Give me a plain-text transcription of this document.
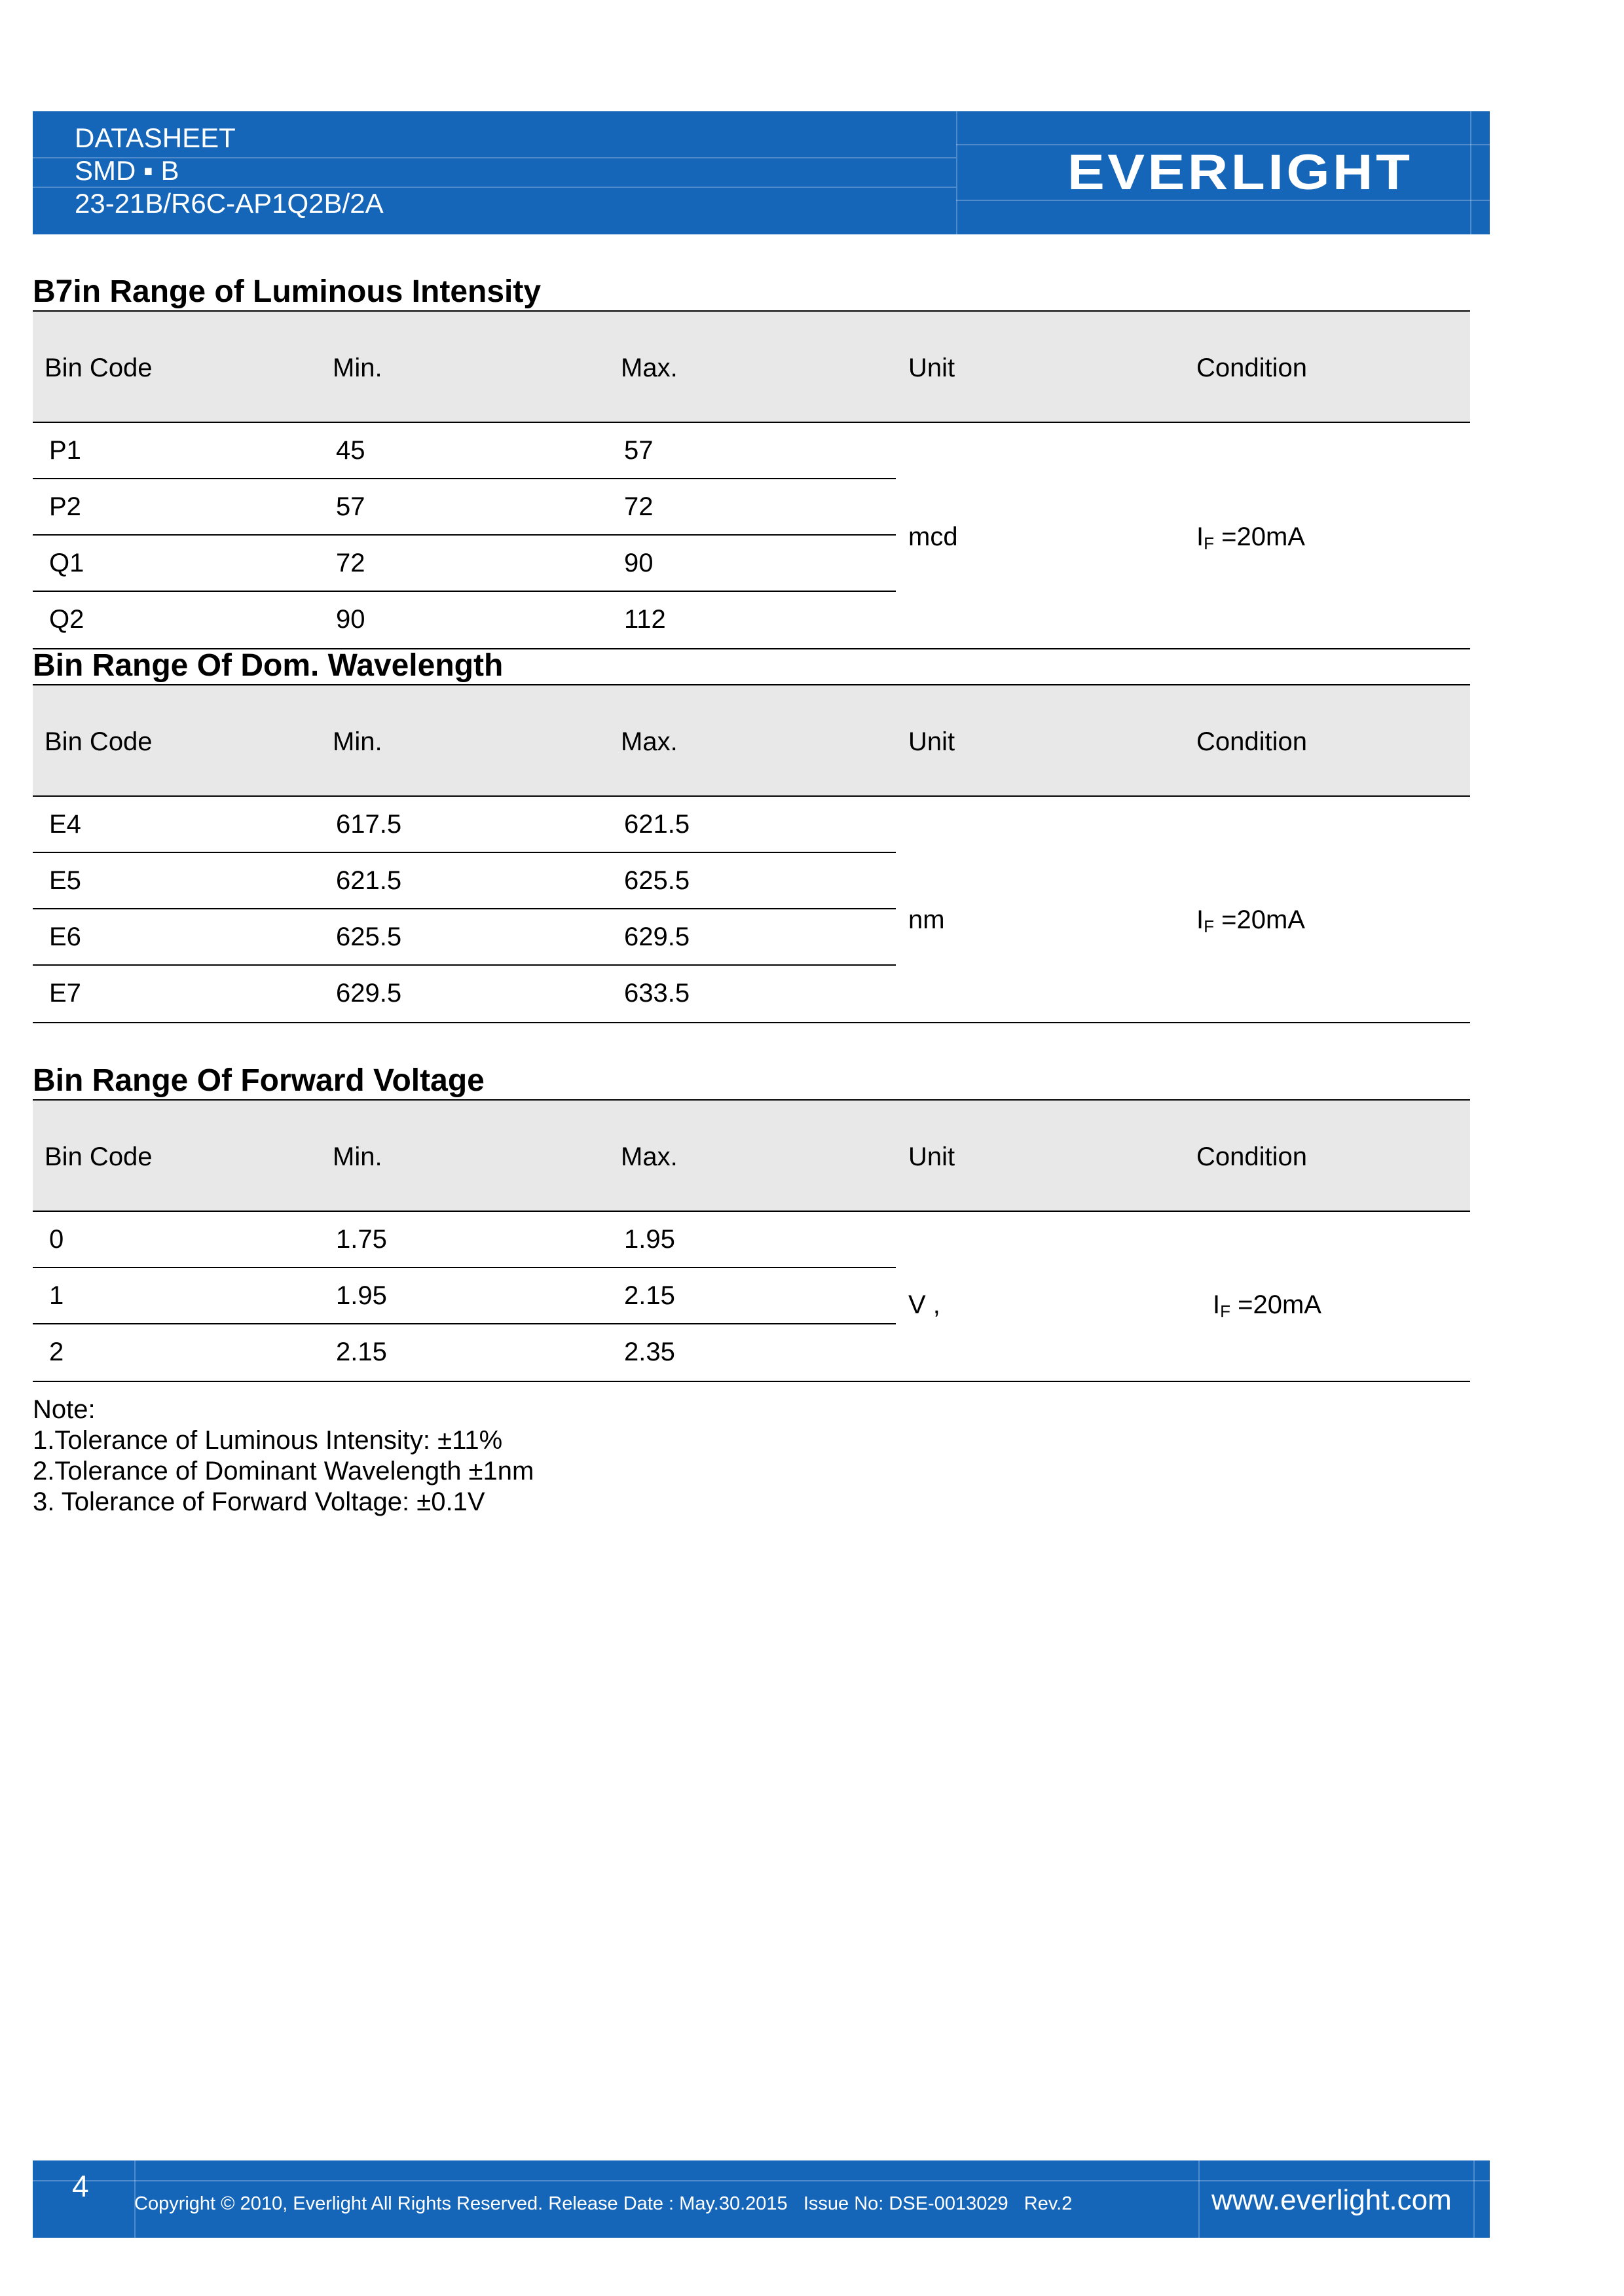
DATASHEET
SMD ▪ B
23-21B/R6C-AP1Q2B/2A
EVERLIGHT
B7in Range of Luminous Intensity
Bin Code	Min.	Max.	Unit	Condition
P1	45	57
P2	57	72
Q1	72	90
Q2	90	112
mcd	$I_F =20mA$
Bin Range Of Dom. Wavelength
Bin Code	Min.	Max.	Unit	Condition
E4	617.5	621.5
E5	621.5	625.5
E6	625.5	629.5
E7	629.5	633.5
nm	$I_F =20mA$
Bin Range Of Forward Voltage
Bin Code	Min.	Max.	Unit	Condition
0	1.75	1.95
1	1.95	2.15
2	2.15	2.35
V ,	$I_F =20mA$
Note:
1.Tolerance of Luminous Intensity: ±11%
2.Tolerance of Dominant Wavelength ±1nm
3. Tolerance of Forward Voltage: ±0.1V
4
Copyright © 2010, Everlight All Rights Reserved. Release Date : May.30.2015   Issue No: DSE-0013029   Rev.2	www.everlight.com
